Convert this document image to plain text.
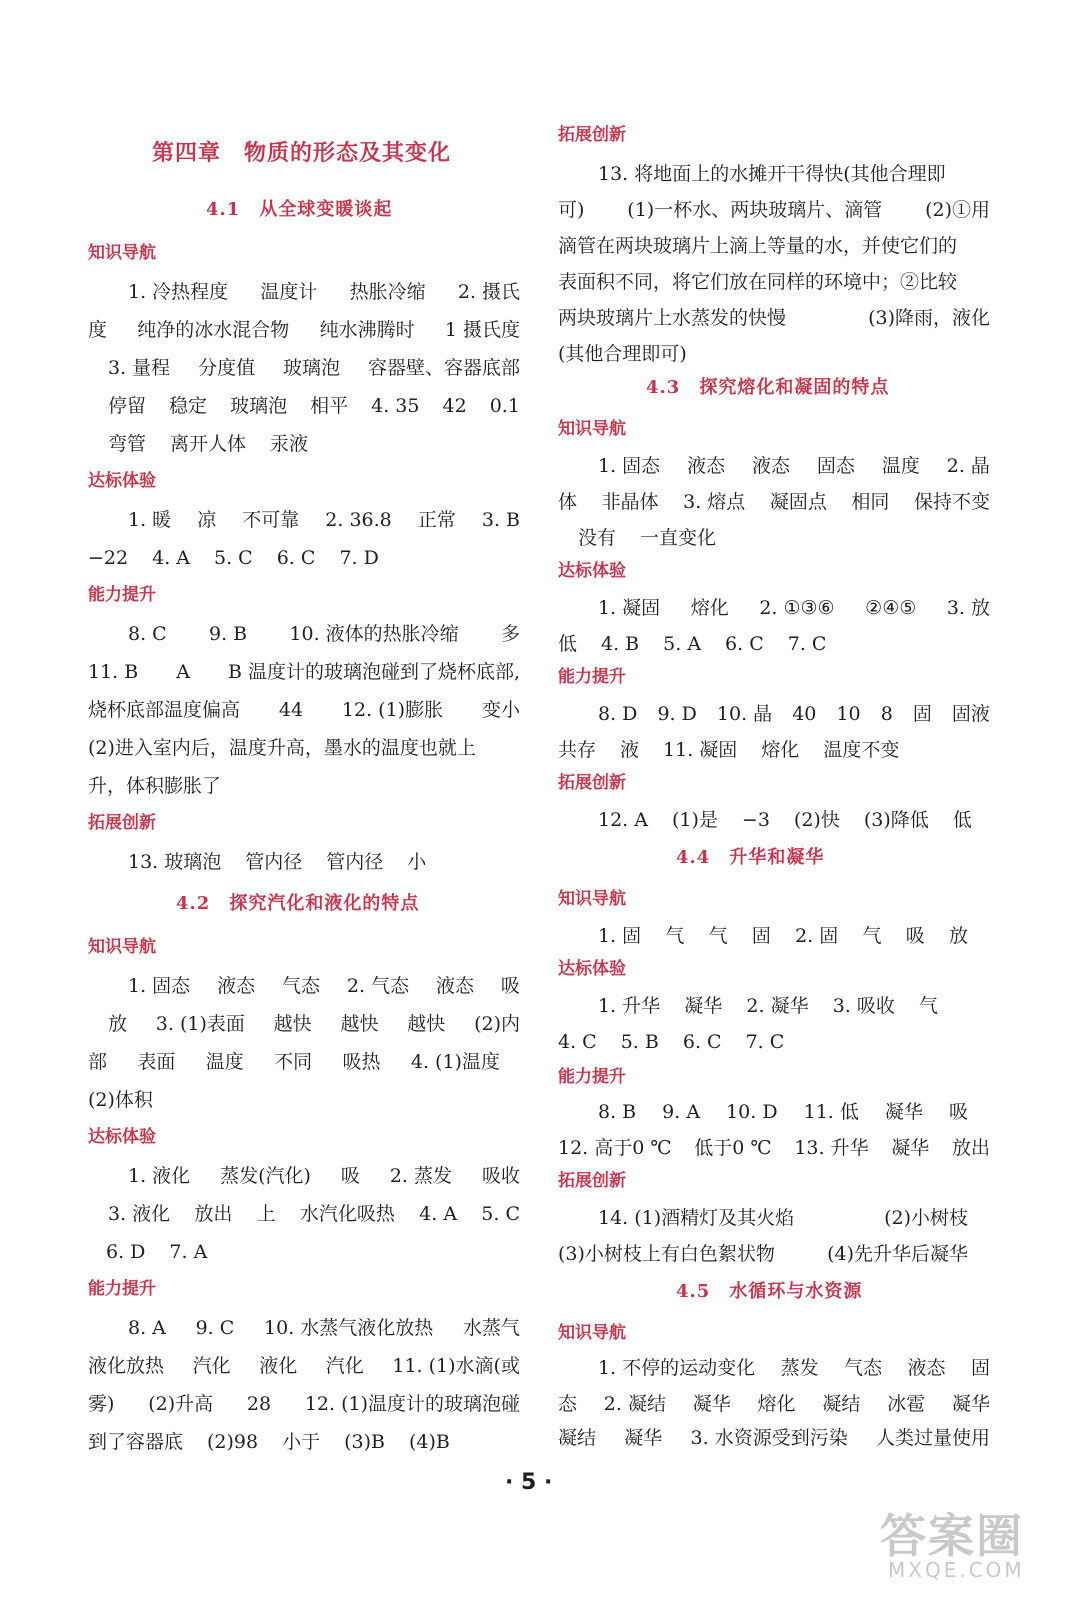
第四章　物质的形态及其变化
4.1　从全球变暖谈起
知识导航
1. 冷热程度 温度计 热胀冷缩 2. 摄氏
度 纯净的冰水混合物 纯水沸腾时 1 摄氏度
3. 量程 分度值 玻璃泡 容器壁、容器底部
停留 稳定 玻璃泡 相平 4. 35 42 0.1
弯管 离开人体 汞液
达标体验
1. 暖 凉 不可靠 2. 36.8 正常 3. B
−22 4. A 5. C 6. C 7. D
能力提升
8. C 9. B 10. 液体的热胀冷缩 多
11. B A B 温度计的玻璃泡碰到了烧杯底部,
烧杯底部温度偏高 44 12. (1)膨胀 变小
(2)进入室内后，温度升高，墨水的温度也就上
升，体积膨胀了
拓展创新
13. 玻璃泡 管内径 管内径 小
4.2　探究汽化和液化的特点
知识导航
1. 固态 液态 气态 2. 气态 液态 吸
放 3. (1)表面 越快 越快 越快 (2)内
部 表面 温度 不同 吸热 4. (1)温度
(2)体积
达标体验
1. 液化 蒸发(汽化) 吸 2. 蒸发 吸收
3. 液化 放出 上 水汽化吸热 4. A 5. C
6. D 7. A
能力提升
8. A 9. C 10. 水蒸气液化放热 水蒸气
液化放热 汽化 液化 汽化 11. (1)水滴(或
雾) (2)升高 28 12. (1)温度计的玻璃泡碰
到了容器底 (2)98 小于 (3)B (4)B
拓展创新
13. 将地面上的水摊开干得快(其他合理即
可) (1)一杯水、两块玻璃片、滴管 (2)①用
滴管在两块玻璃片上滴上等量的水，并使它们的
表面积不同，将它们放在同样的环境中；②比较
两块玻璃片上水蒸发的快慢	(3)降雨，液化
(其他合理即可)
4.3　探究熔化和凝固的特点
知识导航
1. 固态 液态 液态 固态 温度 2. 晶
体 非晶体 3. 熔点 凝固点 相同 保持不变
没有 一直变化
达标体验
1. 凝固 熔化 2. ①③⑥ ②④⑤ 3. 放
低 4. B 5. A 6. C 7. C
能力提升
8. D 9. D 10. 晶 40 10 8 固 固液
共存 液 11. 凝固 熔化 温度不变
拓展创新
12. A (1)是 −3 (2)快 (3)降低 低
4.4　升华和凝华
知识导航
1. 固 气 气 固 2. 固 气 吸 放
达标体验
1. 升华 凝华 2. 凝华 3. 吸收 气
4. C 5. B 6. C 7. C
能力提升
8. B 9. A 10. D 11. 低 凝华 吸
12. 高于0 ℃ 低于0 ℃ 13. 升华 凝华 放出
拓展创新
14. (1)酒精灯及其火焰	(2)小树枝
(3)小树枝上有白色絮状物	(4)先升华后凝华
4.5　水循环与水资源
知识导航
1. 不停的运动变化 蒸发 气态 液态 固
态 2. 凝结 凝华 熔化 凝结 冰雹 凝华
凝结 凝华 3. 水资源受到污染 人类过量使用
· 5 ·
答案圈
MXQE.COM
